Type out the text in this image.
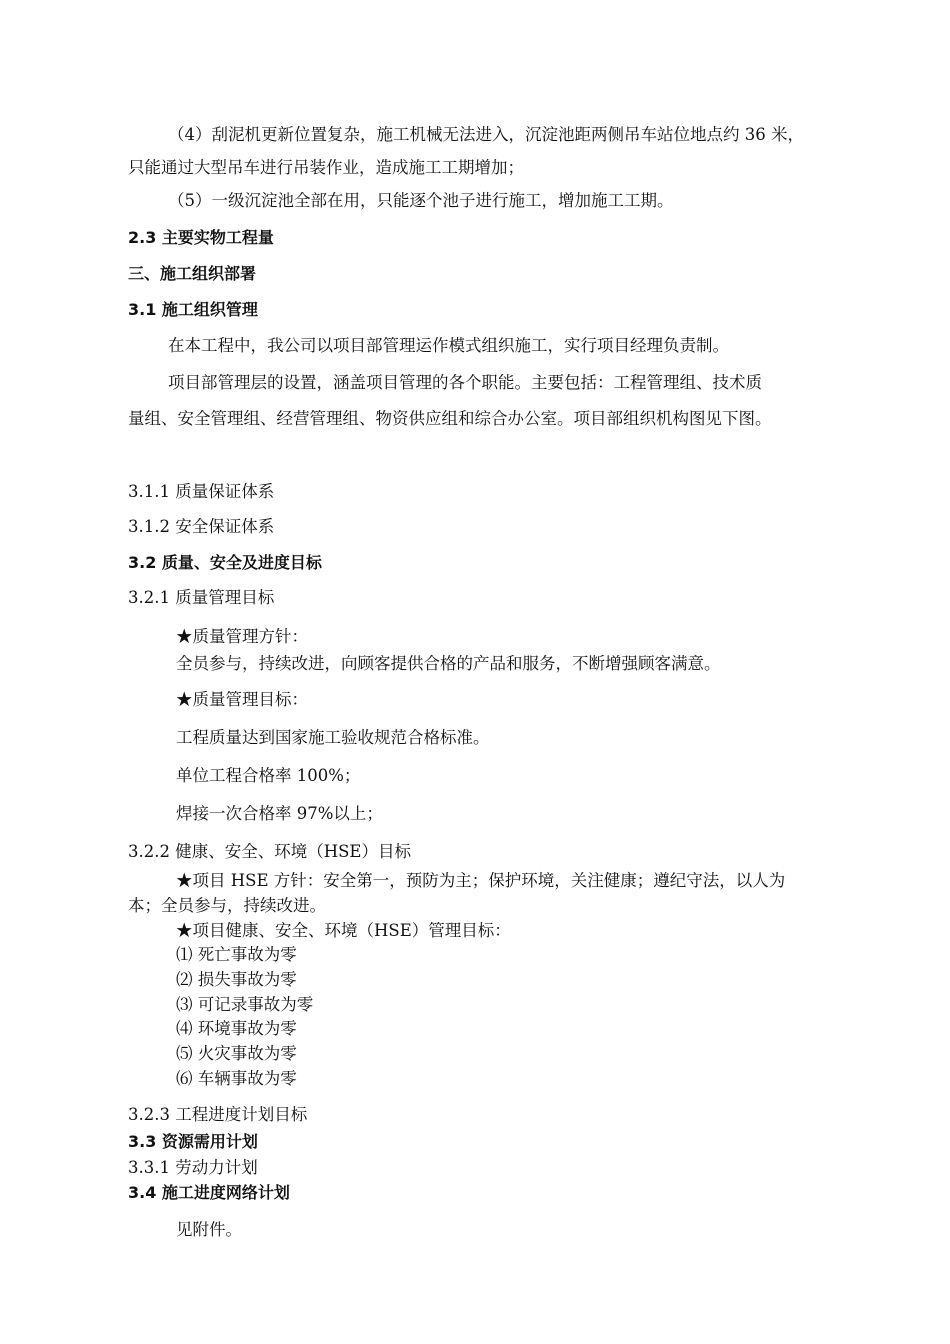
（4）刮泥机更新位置复杂，施工机械无法进入，沉淀池距两侧吊车站位地点约 36 米，
只能通过大型吊车进行吊装作业，造成施工工期增加；
（5）一级沉淀池全部在用，只能逐个池子进行施工，增加施工工期。
2.3 主要实物工程量
三、施工组织部署
3.1 施工组织管理
在本工程中，我公司以项目部管理运作模式组织施工，实行项目经理负责制。
项目部管理层的设置，涵盖项目管理的各个职能。主要包括：工程管理组、技术质
量组、安全管理组、经营管理组、物资供应组和综合办公室。项目部组织机构图见下图。
3.1.1 质量保证体系
3.1.2 安全保证体系
3.2 质量、安全及进度目标
3.2.1 质量管理目标
★质量管理方针：
全员参与，持续改进，向顾客提供合格的产品和服务，不断增强顾客满意。
★质量管理目标：
工程质量达到国家施工验收规范合格标准。
单位工程合格率 100%；
焊接一次合格率 97%以上；
3.2.2 健康、安全、环境（HSE）目标
★项目 HSE 方针：安全第一，预防为主；保护环境，关注健康；遵纪守法，以人为
本；全员参与，持续改进。
★项目健康、安全、环境（HSE）管理目标：
⑴ 死亡事故为零
⑵ 损失事故为零
⑶ 可记录事故为零
⑷ 环境事故为零
⑸ 火灾事故为零
⑹ 车辆事故为零
3.2.3 工程进度计划目标
3.3 资源需用计划
3.3.1 劳动力计划
3.4 施工进度网络计划
见附件。
